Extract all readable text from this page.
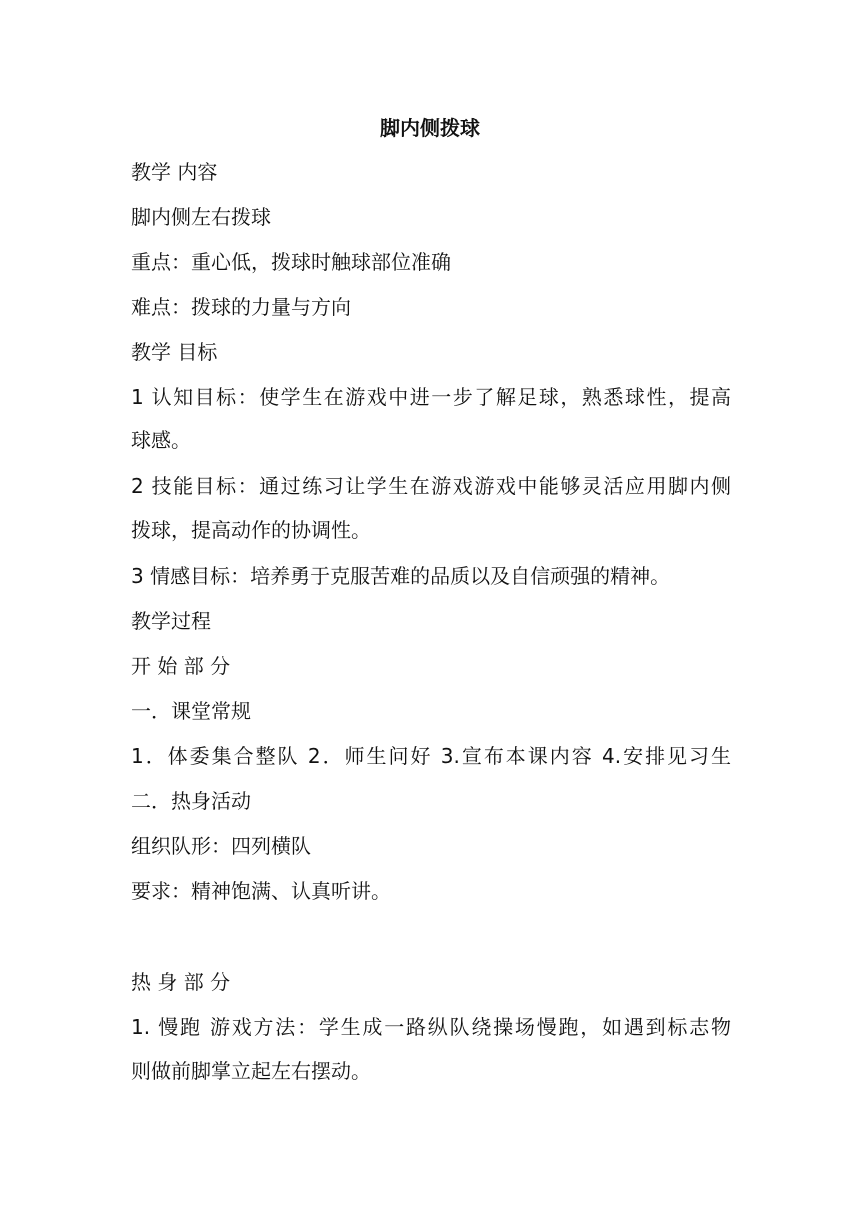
脚内侧拨球
教学 内容
脚内侧左右拨球
重点：重心低，拨球时触球部位准确
难点：拨球的力量与方向
教学 目标
1 认知目标：使学生在游戏中进一步了解足球，熟悉球性，提高
球感。
2 技能目标：通过练习让学生在游戏游戏中能够灵活应用脚内侧
拨球，提高动作的协调性。
3 情感目标：培养勇于克服苦难的品质以及自信顽强的精神。
教学过程
开 始 部 分
一．课堂常规
1．体委集合整队 2．师生问好 3.宣布本课内容 4.安排见习生
二．热身活动
组织队形：四列横队
要求：精神饱满、认真听讲。
热 身 部 分
1. 慢跑 游戏方法：学生成一路纵队绕操场慢跑，如遇到标志物
则做前脚掌立起左右摆动。
